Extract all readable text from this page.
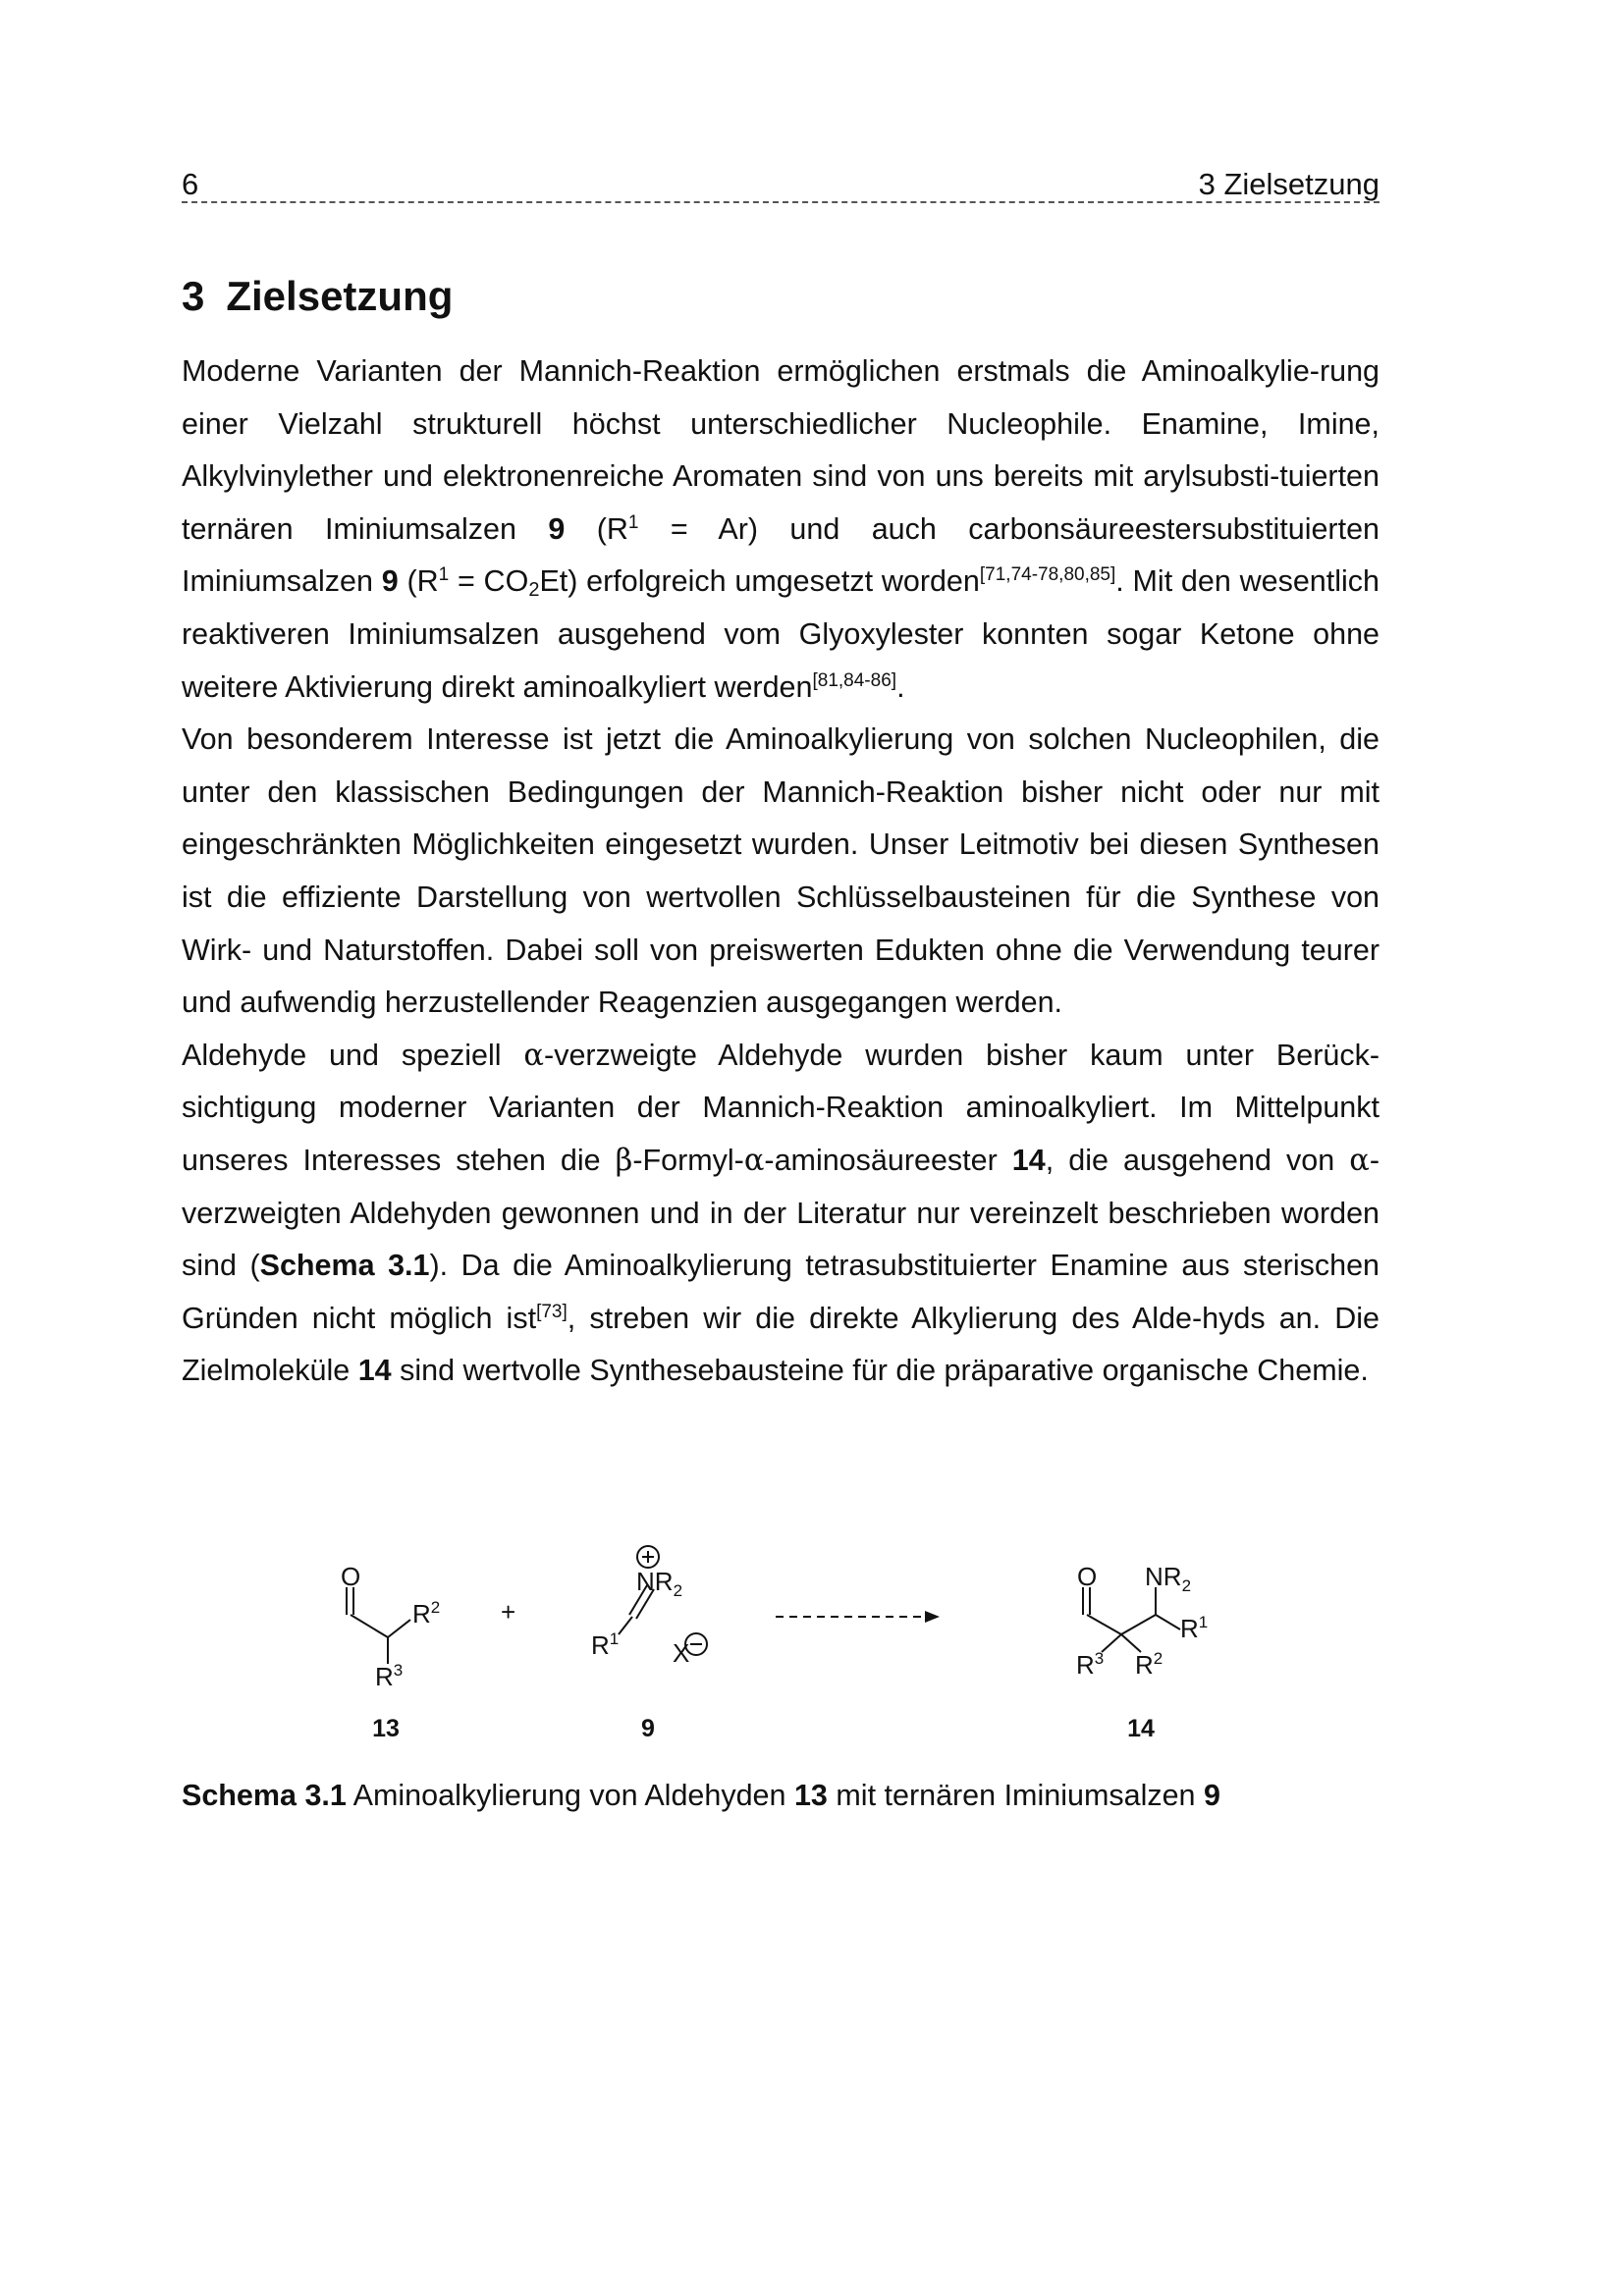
6	3 Zielsetzung
3 Zielsetzung

Moderne Varianten der Mannich-Reaktion ermöglichen erstmals die Aminoalkylie-rung einer Vielzahl strukturell höchst unterschiedlicher Nucleophile. Enamine, Imine, Alkylvinylether und elektronenreiche Aromaten sind von uns bereits mit arylsubsti-tuierten ternären Iminiumsalzen 9 $(R^1 = Ar)$ und auch carbonsäureestersubstituierten Iminiumsalzen 9 $(R^1 = CO_2Et)$ erfolgreich umgesetzt worden[71,74-78,80,85]. Mit den wesentlich reaktiveren Iminiumsalzen ausgehend vom Glyoxylester konnten sogar Ketone ohne weitere Aktivierung direkt aminoalkyliert werden[81,84-86].

Von besonderem Interesse ist jetzt die Aminoalkylierung von solchen Nucleophilen, die unter den klassischen Bedingungen der Mannich-Reaktion bisher nicht oder nur mit eingeschränkten Möglichkeiten eingesetzt wurden. Unser Leitmotiv bei diesen Synthesen ist die effiziente Darstellung von wertvollen Schlüsselbausteinen für die Synthese von Wirk- und Naturstoffen. Dabei soll von preiswerten Edukten ohne die Verwendung teurer und aufwendig herzustellender Reagenzien ausgegangen werden.

Aldehyde und speziell α-verzweigte Aldehyde wurden bisher kaum unter Berück-sichtigung moderner Varianten der Mannich-Reaktion aminoalkyliert. Im Mittelpunkt unseres Interesses stehen die β-Formyl-α-aminosäureester 14, die ausgehend von α-verzweigten Aldehyden gewonnen und in der Literatur nur vereinzelt beschrieben worden sind (Schema 3.1). Da die Aminoalkylierung tetrasubstituierter Enamine aus sterischen Gründen nicht möglich ist[73], streben wir die direkte Alkylierung des Alde-hyds an. Die Zielmoleküle 14 sind wertvolle Synthesebausteine für die präparative organische Chemie.

O
$R^2$
$R^3$
13
+
$NR_2$
$R^1$ X
9
O $NR_2$
$R^1$
$R^3$ $R^2$
14
Schema 3.1 Aminoalkylierung von Aldehyden 13 mit ternären Iminiumsalzen 9
